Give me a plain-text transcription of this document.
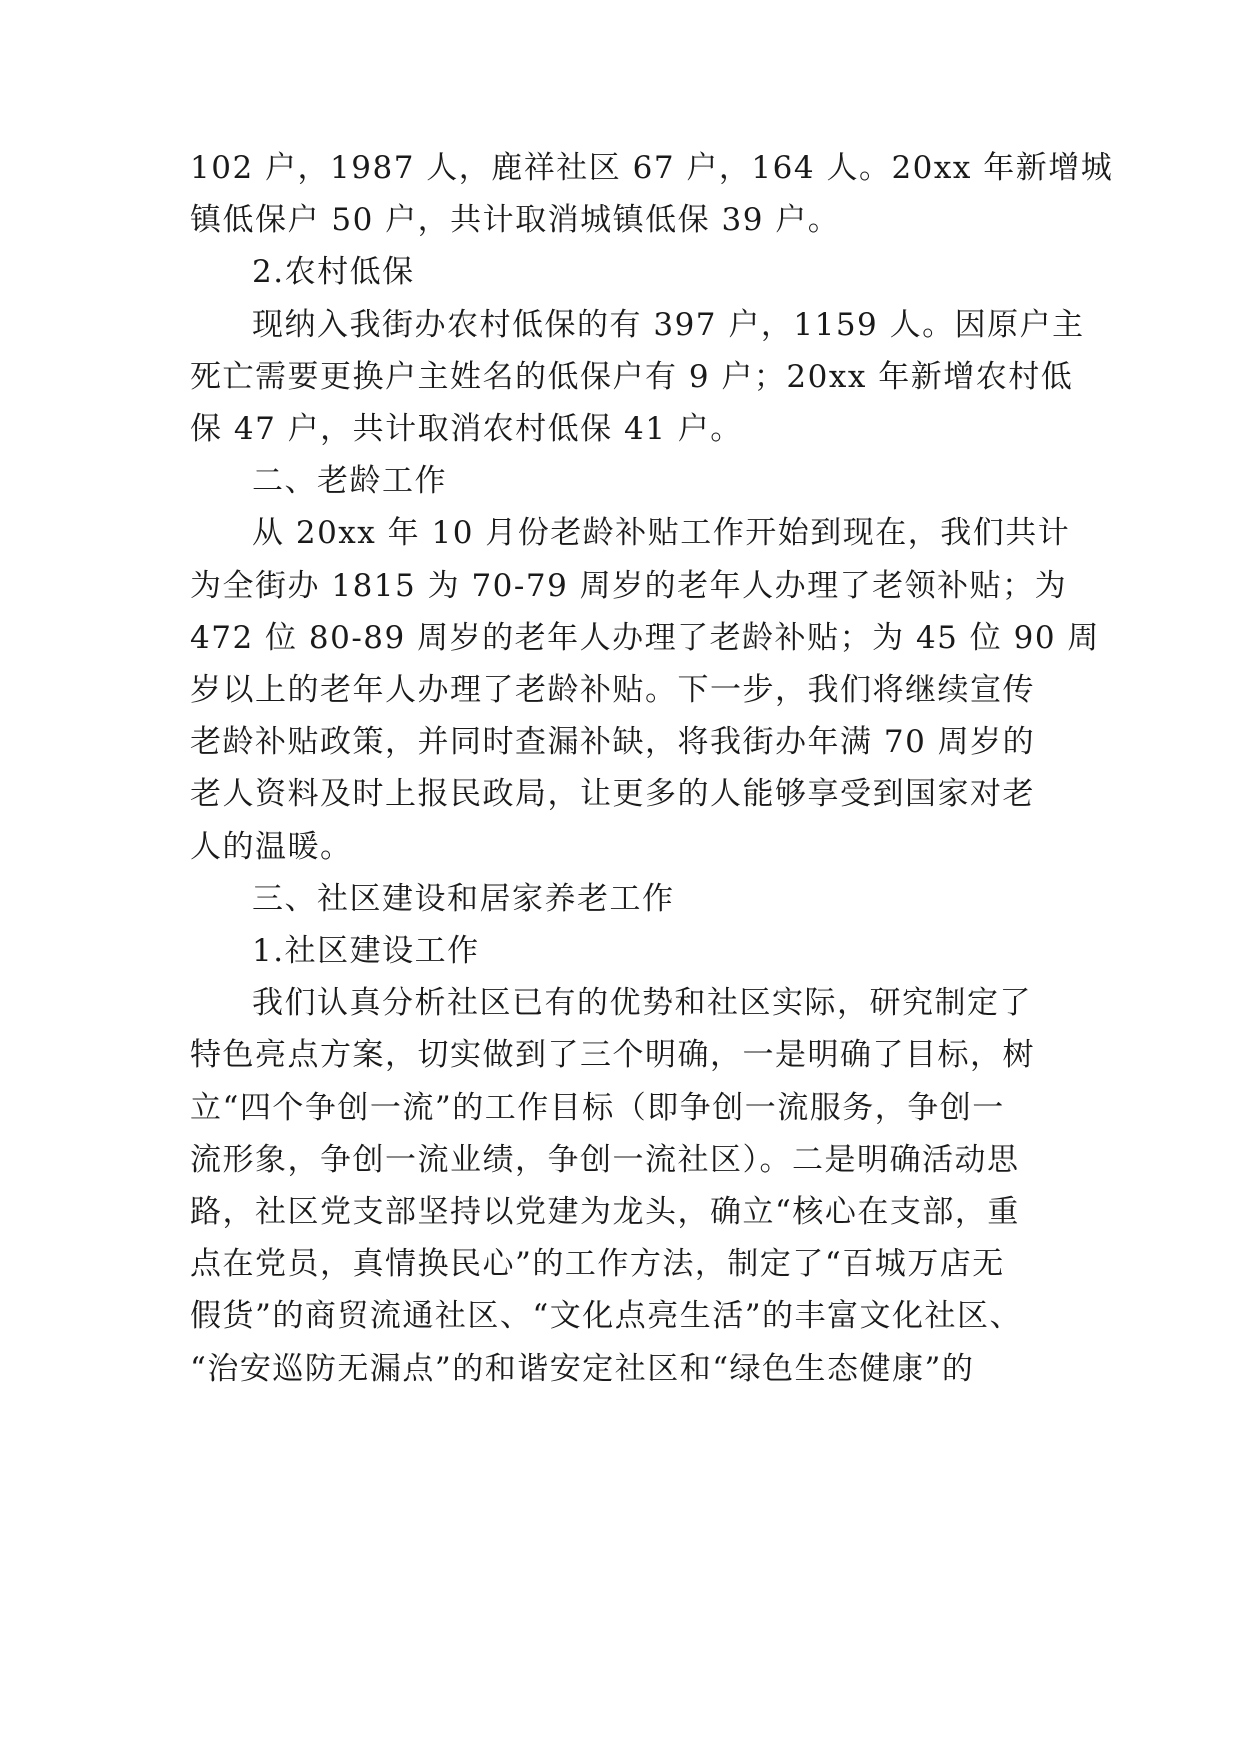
102 户，1987 人，鹿祥社区 67 户，164 人。20xx 年新增城
镇低保户 50 户，共计取消城镇低保 39 户。
2.农村低保
现纳入我街办农村低保的有 397 户，1159 人。因原户主
死亡需要更换户主姓名的低保户有 9 户；20xx 年新增农村低
保 47 户，共计取消农村低保 41 户。
二、老龄工作
从 20xx 年 10 月份老龄补贴工作开始到现在，我们共计
为全街办 1815 为 70-79 周岁的老年人办理了老领补贴；为
472 位 80-89 周岁的老年人办理了老龄补贴；为 45 位 90 周
岁以上的老年人办理了老龄补贴。下一步，我们将继续宣传
老龄补贴政策，并同时查漏补缺，将我街办年满 70 周岁的
老人资料及时上报民政局，让更多的人能够享受到国家对老
人的温暖。
三、社区建设和居家养老工作
1.社区建设工作
我们认真分析社区已有的优势和社区实际，研究制定了
特色亮点方案，切实做到了三个明确，一是明确了目标，树
立“四个争创一流”的工作目标（即争创一流服务，争创一
流形象，争创一流业绩，争创一流社区）。二是明确活动思
路，社区党支部坚持以党建为龙头，确立“核心在支部，重
点在党员，真情换民心”的工作方法，制定了“百城万店无
假货”的商贸流通社区、“文化点亮生活”的丰富文化社区、
“治安巡防无漏点”的和谐安定社区和“绿色生态健康”的
